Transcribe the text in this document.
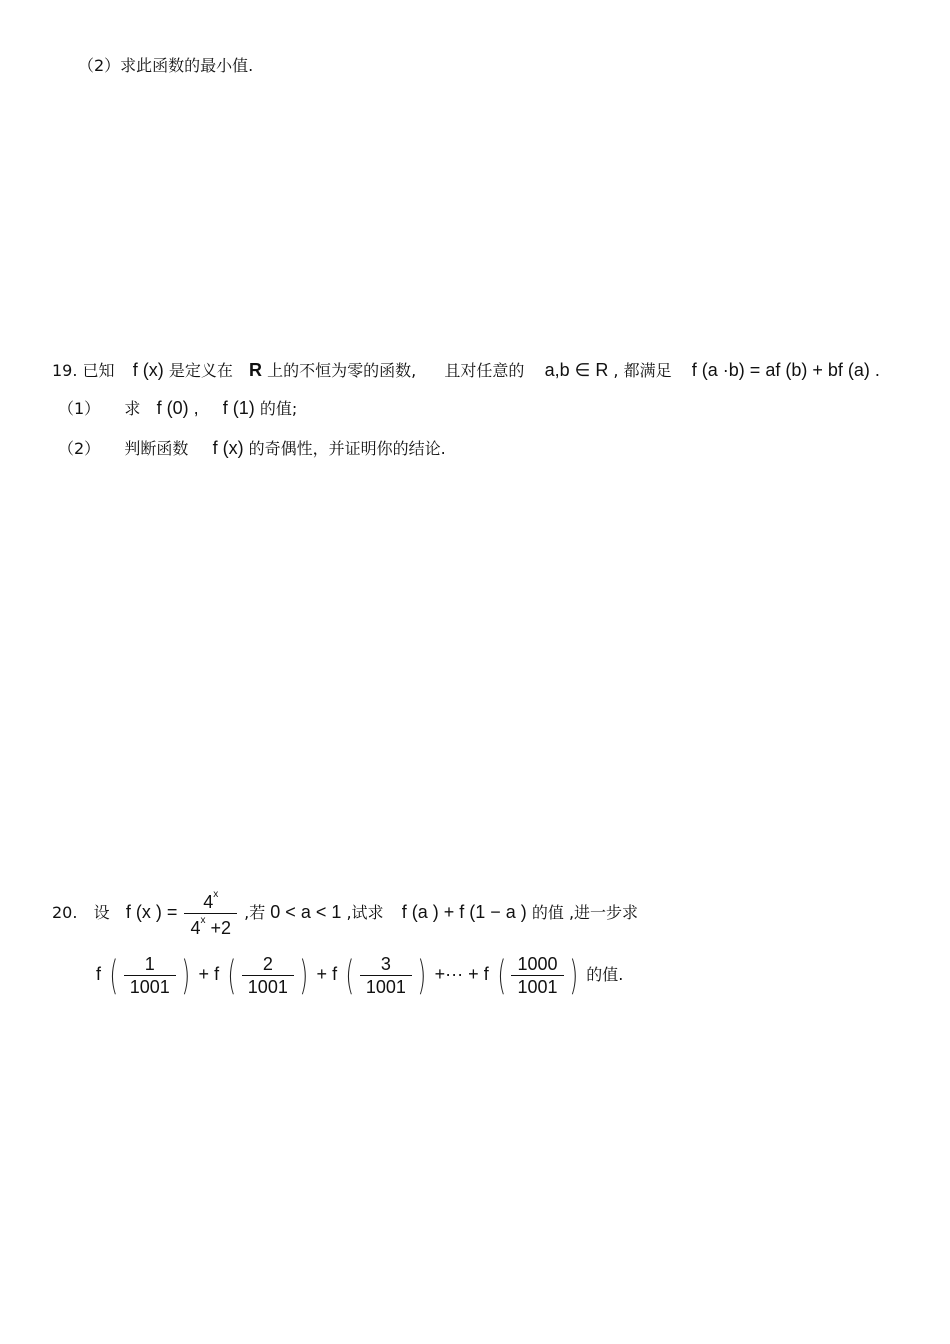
（2）求此函数的最小值.
19. 已知 f (x) 是定义在 R 上的不恒为零的函数, 且对任意的 a,b ∈ R , 都满足 f (a ·b) = af (b) + bf (a) .
（1） 求 f (0) , f (1) 的值;
（2） 判断函数 f (x) 的奇偶性，并证明你的结论.
20. 设 f (x ) = $\frac{4^x}{4^x +2}$ ,若 0 < a < 1 ,试求 f (a ) + f (1 − a ) 的值 ,进一步求
f ( $\frac{1}{1001}$ ) + f ( $\frac{2}{1001}$ ) + f ( $\frac{3}{1001}$ ) +··· + f ( $\frac{1000}{1001}$ ) 的值.
